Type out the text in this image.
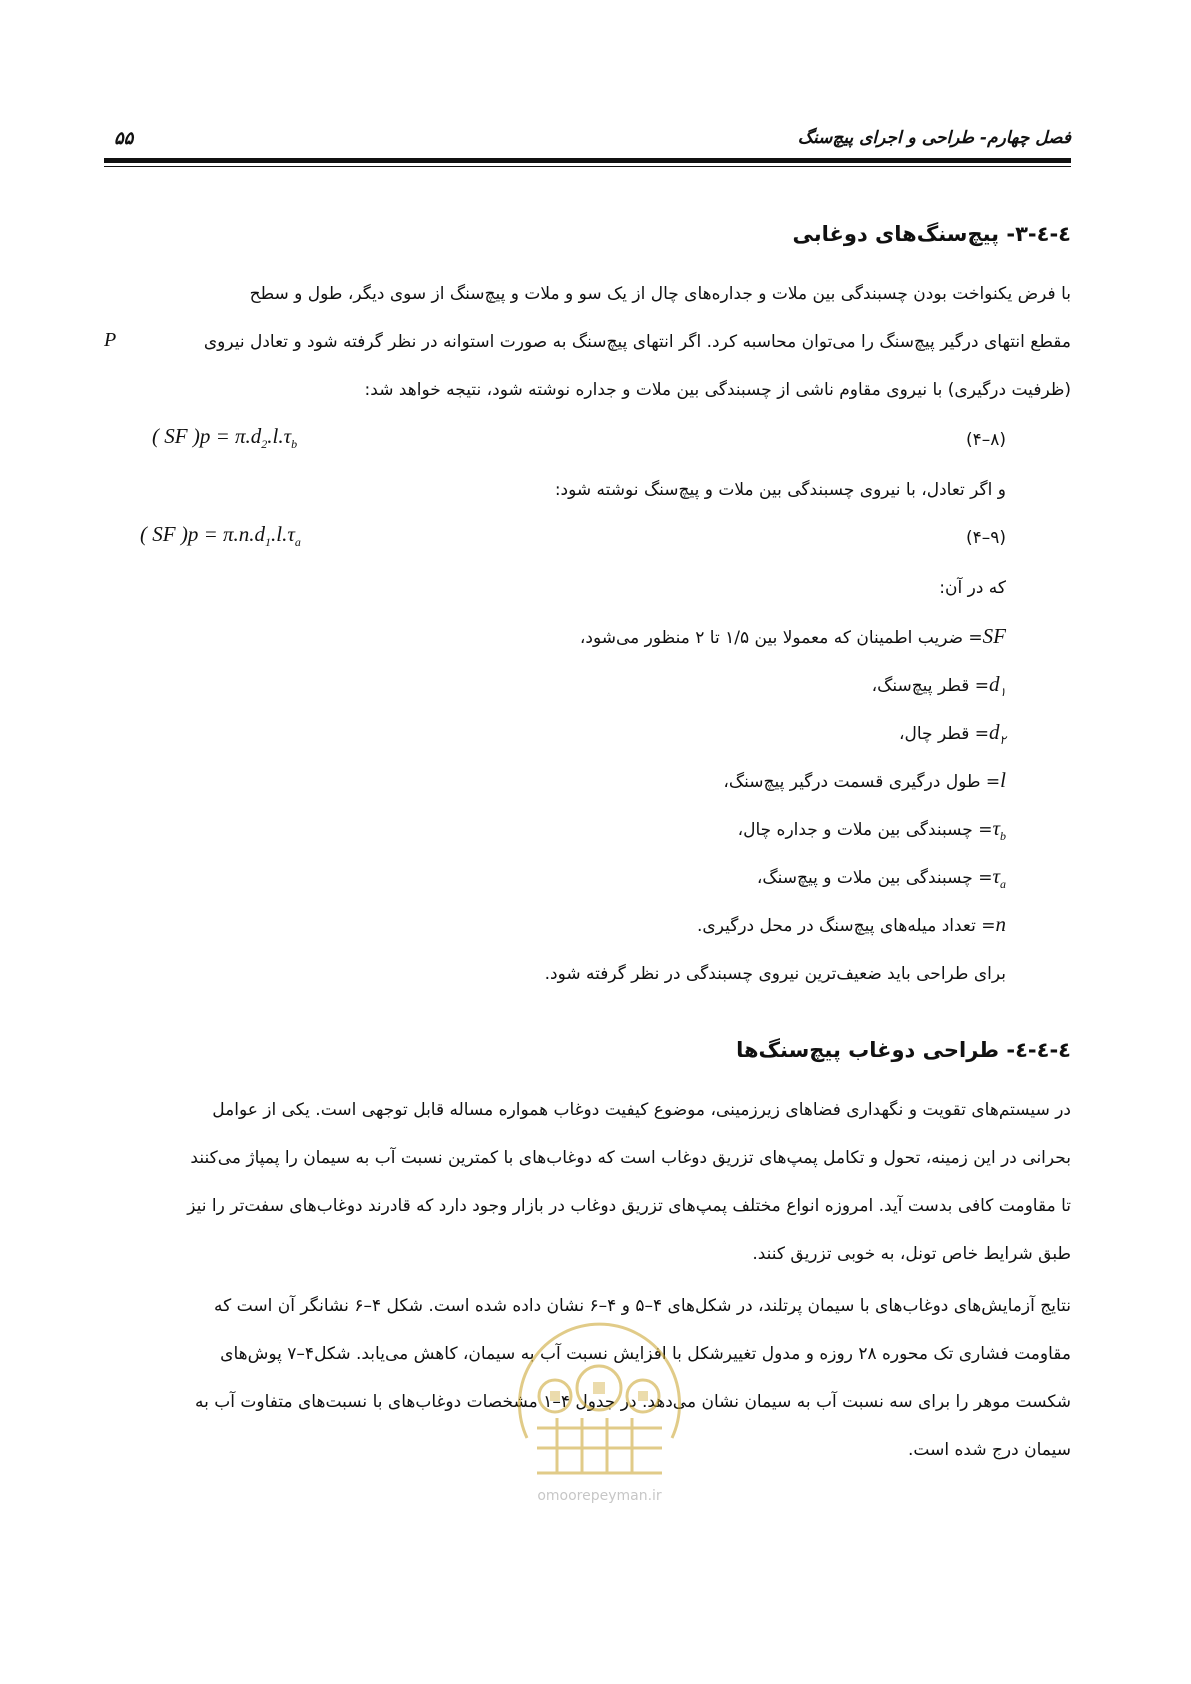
فصل چهارم- طراحی و اجرای پیچ‌سنگ
۵۵
٤-٤-٣- پیچ‌سنگ‌های دوغابی
با فرض یکنواخت بودن چسبندگی بین ملات و جداره‌های چال از یک سو و ملات و پیچ‌سنگ از سوی دیگر، طول و سطح
مقطع انتهای درگیر پیچ‌سنگ را می‌توان محاسبه کرد. اگر انتهای پیچ‌سنگ به صورت استوانه در نظر گرفته شود و تعادل نیروی
P
(ظرفیت درگیری) با نیروی مقاوم ناشی از چسبندگی بین ملات و جداره نوشته شود، نتیجه خواهد شد:
( SF )$p = \pi.d_2.l.\tau_b$	(۸–۴)
و اگر تعادل، با نیروی چسبندگی بین ملات و پیچ‌سنگ نوشته شود:
( SF )$p = \pi.n.d_1.l.\tau_a$	(۹–۴)
که در آن:
SF= ضریب اطمینان که معمولا بین ۱/۵ تا ۲ منظور می‌شود،
$d_۱=$ قطر پیچ‌سنگ،
$d_۲=$ قطر چال،
l= طول درگیری قسمت درگیر پیچ‌سنگ،
$\tau_b=$ چسبندگی بین ملات و جداره چال،
$\tau_a=$ چسبندگی بین ملات و پیچ‌سنگ،
n= تعداد میله‌های پیچ‌سنگ در محل درگیری.
برای طراحی باید ضعیف‌ترین نیروی چسبندگی در نظر گرفته شود.
٤-٤-٤- طراحی دوغاب پیچ‌سنگ‌ها
در سیستم‌های تقویت و نگهداری فضاهای زیرزمینی، موضوع کیفیت دوغاب همواره مساله قابل توجهی است. یکی از عوامل
بحرانی در این زمینه، تحول و تکامل پمپ‌های تزریق دوغاب است که دوغاب‌های با کمترین نسبت آب به سیمان را پمپاژ می‌کنند
تا مقاومت کافی بدست آید. امروزه انواع مختلف پمپ‌های تزریق دوغاب در بازار وجود دارد که قادرند دوغاب‌های سفت‌تر را نیز
طبق شرایط خاص تونل، به خوبی تزریق کنند.
نتایج آزمایش‌های دوغاب‌های با سیمان پرتلند، در شکل‌های ۴–۵ و ۴–۶ نشان داده شده است. شکل ۴–۶ نشانگر آن است که
مقاومت فشاری تک محوره ۲۸ روزه و مدول تغییرشکل با افزایش نسبت آب به سیمان، کاهش می‌یابد. شکل۴–۷ پوش‌های
شکست موهر را برای سه نسبت آب به سیمان نشان می‌دهد. در جدول ۴–۱ مشخصات دوغاب‌های با نسبت‌های متفاوت آب به
سیمان درج شده است.
omoorepeyman.ir
